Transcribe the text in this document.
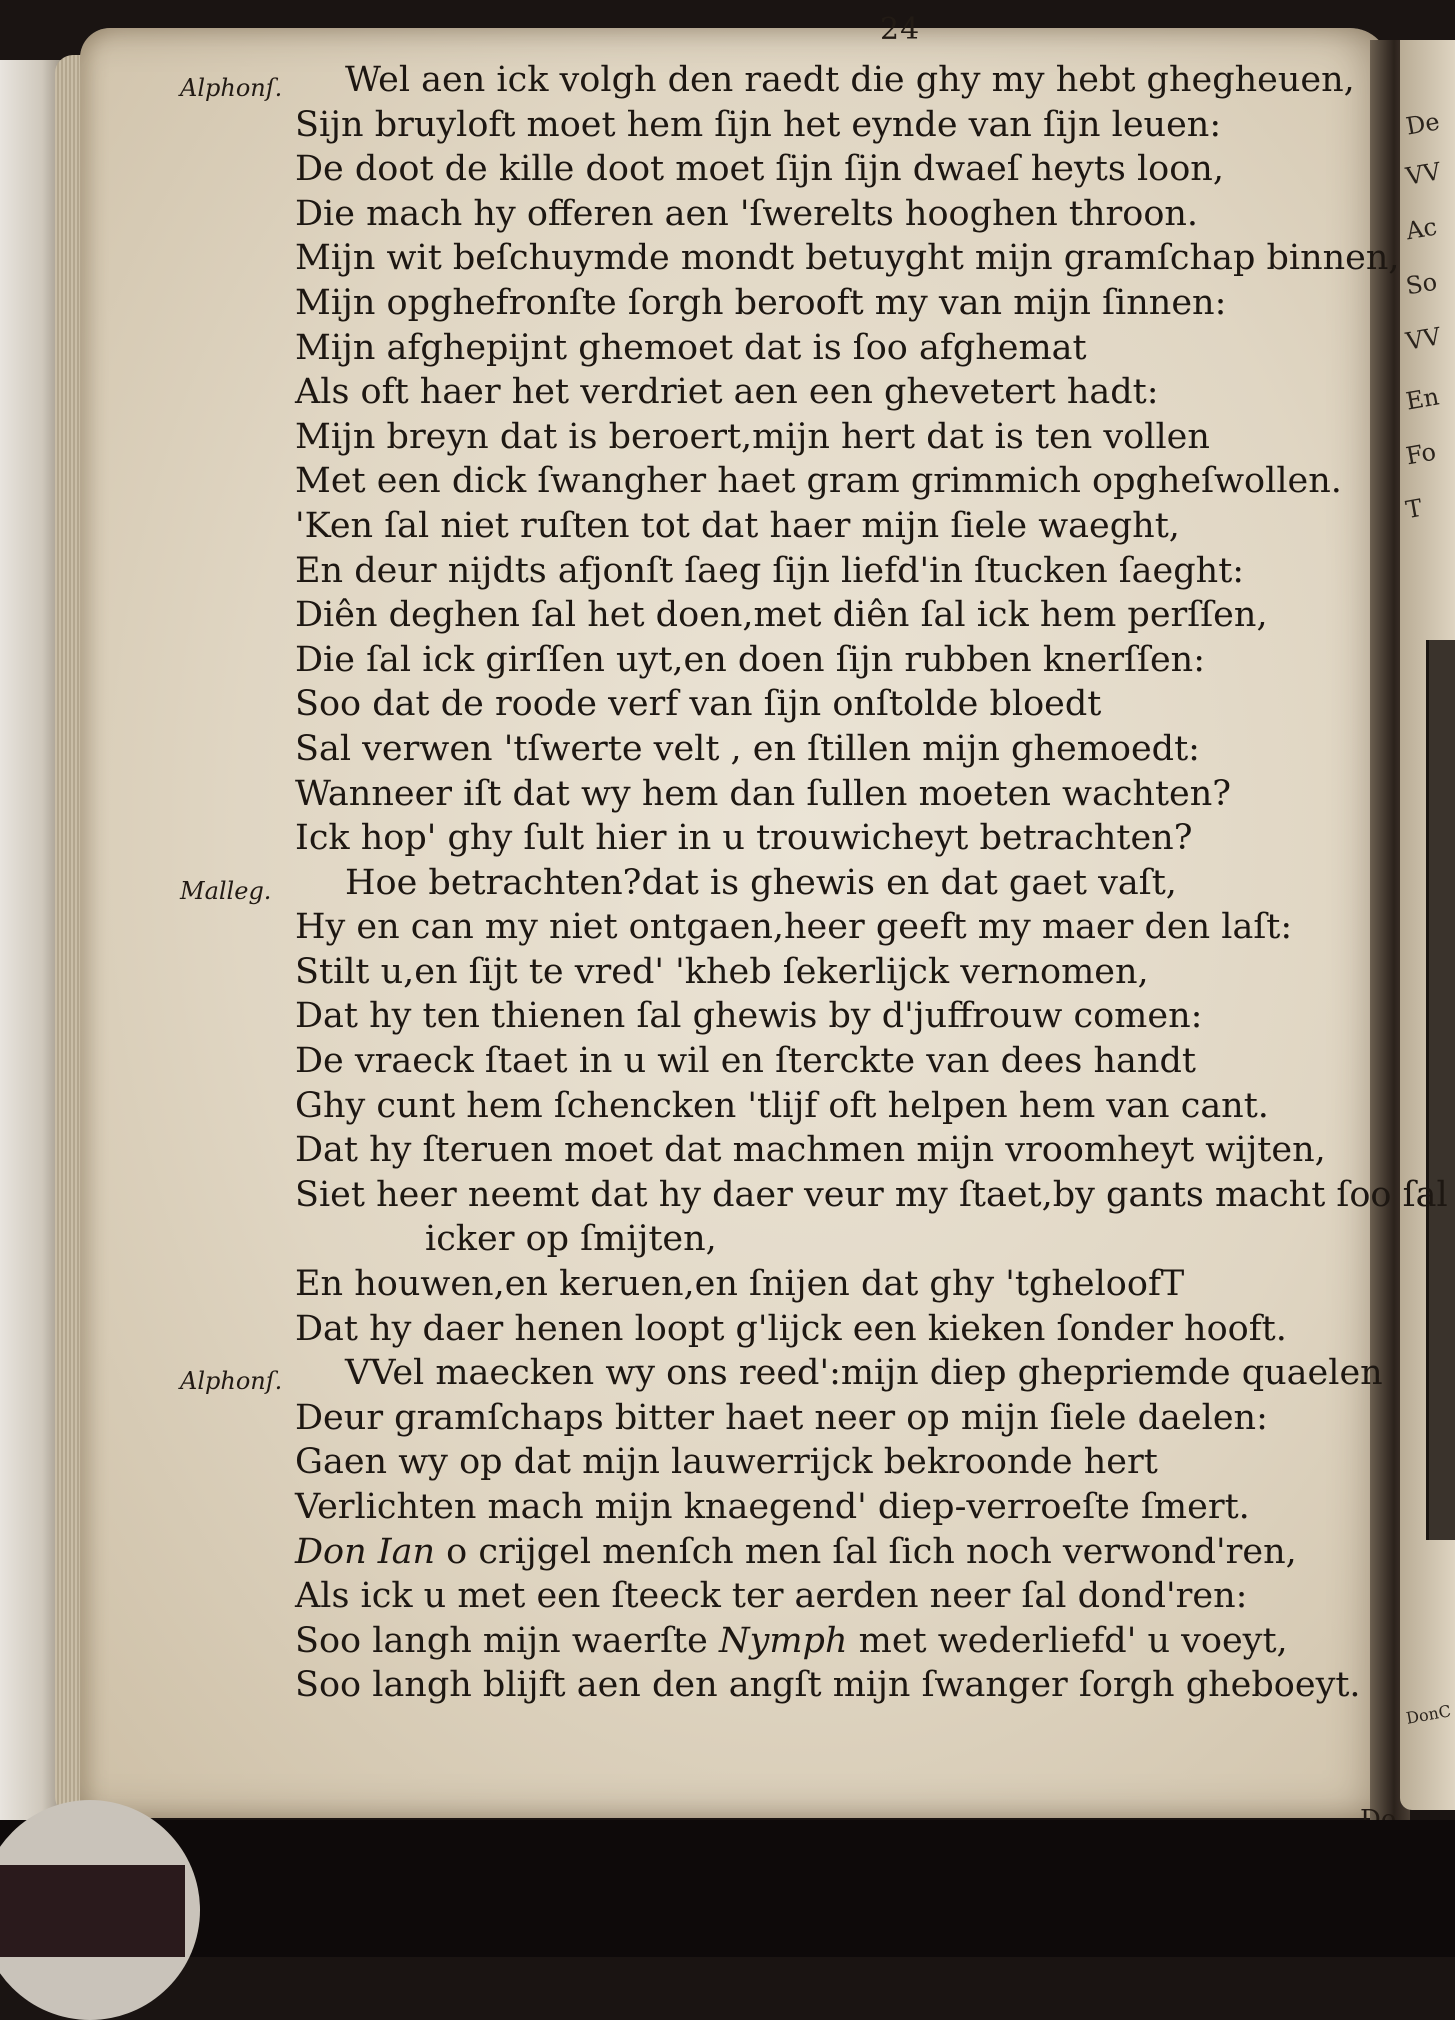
De
VV
Ac
So
VV
En
Fo
T
DonC
24
Alphonſ. Wel aen ick volgh den raedt die ghy my hebt ghegheuen,
Sijn bruyloft moet hem ſijn het eynde van ſijn leuen:
De doot de kille doot moet ſijn ſijn dwaeſ heyts loon,
Die mach hy offeren aen 'ſwerelts hooghen throon.
Mijn wit beſchuymde mondt betuyght mijn gramſchap binnen,
Mijn opghefronſte ſorgh berooft my van mijn ſinnen:
Mijn afghepijnt ghemoet dat is ſoo afghemat
Als oft haer het verdriet aen een ghevetert hadt:
Mijn breyn dat is beroert,mijn hert dat is ten vollen
Met een dick ſwangher haet gram grimmich opgheſwollen.
'Ken ſal niet ruſten tot dat haer mijn ſiele waeght,
En deur nijdts afjonſt ſaeg ſijn liefd'in ſtucken ſaeght:
Diên deghen ſal het doen,met diên ſal ick hem perſſen,
Die ſal ick girſſen uyt,en doen ſijn rubben knerſſen:
Soo dat de roode verf van ſijn onſtolde bloedt
Sal verwen 'tſwerte velt , en ſtillen mijn ghemoedt:
Wanneer iſt dat wy hem dan ſullen moeten wachten?
Ick hop' ghy ſult hier in u trouwicheyt betrachten?
Malleg.	Hoe betrachten?dat is ghewis en dat gaet vaſt,
Hy en can my niet ontgaen,heer geeft my maer den laſt:
Stilt u,en ſijt te vred' 'kheb ſekerlijck vernomen,
Dat hy ten thienen ſal ghewis by d'juffrouw comen:
De vraeck ſtaet in u wil en ſterckte van dees handt
Ghy cunt hem ſchencken 'tlijf oft helpen hem van cant.
Dat hy ſteruen moet dat machmen mijn vroomheyt wijten,
Siet heer neemt dat hy daer veur my ſtaet,by gants macht ſoo ſal
icker op ſmijten,
En houwen,en keruen,en ſnijen dat ghy 'tgheloofT
Dat hy daer henen loopt g'lijck een kieken ſonder hooft.
Alphonſ. VVel maecken wy ons reed':mijn diep ghepriemde quaelen
Deur gramſchaps bitter haet neer op mijn ſiele daelen:
Gaen wy op dat mijn lauwerrijck bekroonde hert
Verlichten mach mijn knaegend' diep-verroeſte ſmert.
Don Ian o crijgel menſch men ſal ſich noch verwond'ren,
Als ick u met een ſteeck ter aerden neer ſal dond'ren:
Soo langh mijn waerſte Nymph met wederliefd' u voeyt,
Soo langh blijft aen den angſt mijn ſwanger ſorgh gheboeyt.
